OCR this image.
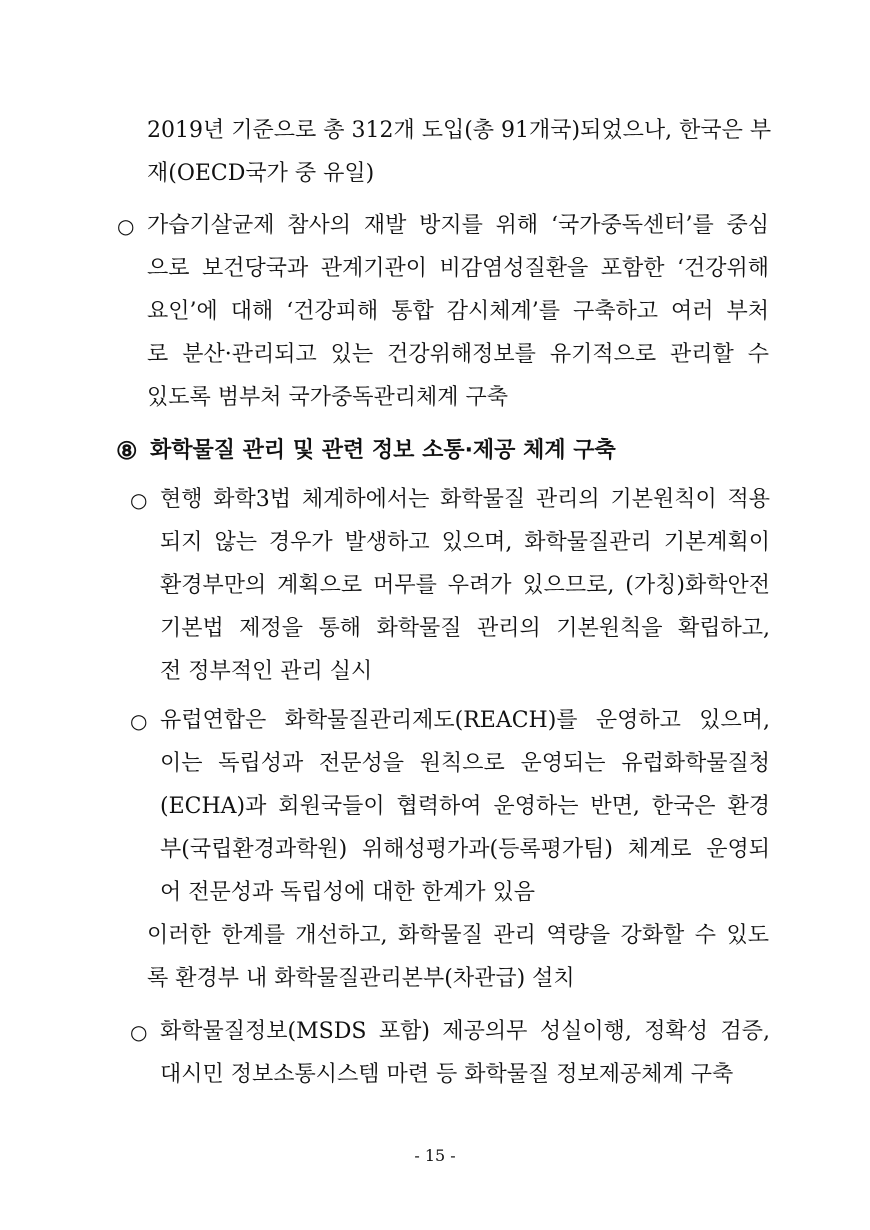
2019년 기준으로 총 312개 도입(총 91개국)되었으나, 한국은 부
재(OECD국가 중 유일)
○ 가습기살균제 참사의 재발 방지를 위해 ‘국가중독센터’를 중심
으로 보건당국과 관계기관이 비감염성질환을 포함한 ‘건강위해
요인’에 대해 ‘건강피해 통합 감시체계’를 구축하고 여러 부처
로 분산·관리되고 있는 건강위해정보를 유기적으로 관리할 수
있도록 범부처 국가중독관리체계 구축
⑧ 화학물질 관리 및 관련 정보 소통·제공 체계 구축
○ 현행 화학3법 체계하에서는 화학물질 관리의 기본원칙이 적용
되지 않는 경우가 발생하고 있으며, 화학물질관리 기본계획이
환경부만의 계획으로 머무를 우려가 있으므로, (가칭)화학안전
기본법 제정을 통해 화학물질 관리의 기본원칙을 확립하고,
전 정부적인 관리 실시
○ 유럽연합은 화학물질관리제도(REACH)를 운영하고 있으며,
이는 독립성과 전문성을 원칙으로 운영되는 유럽화학물질청
(ECHA)과 회원국들이 협력하여 운영하는 반면, 한국은 환경
부(국립환경과학원) 위해성평가과(등록평가팀) 체계로 운영되
어 전문성과 독립성에 대한 한계가 있음
이러한 한계를 개선하고, 화학물질 관리 역량을 강화할 수 있도
록 환경부 내 화학물질관리본부(차관급) 설치
○ 화학물질정보(MSDS 포함) 제공의무 성실이행, 정확성 검증,
대시민 정보소통시스템 마련 등 화학물질 정보제공체계 구축
- 15 -
